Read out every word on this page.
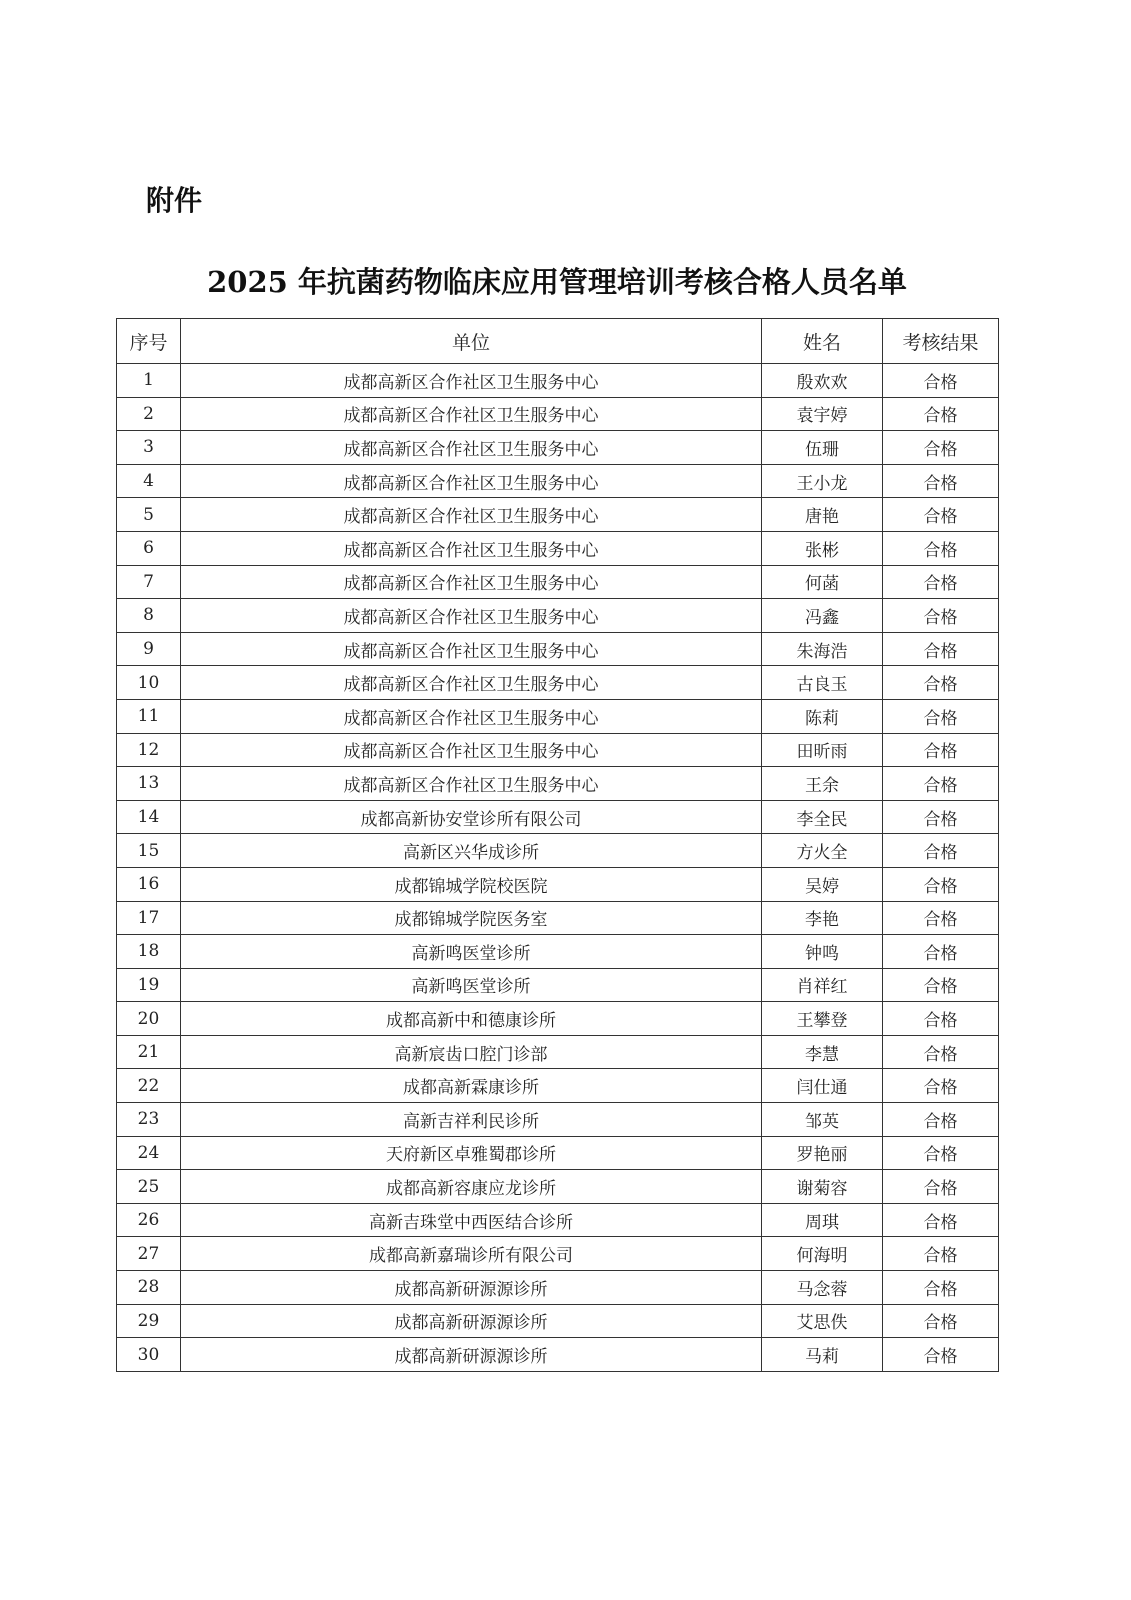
附件
2025 年抗菌药物临床应用管理培训考核合格人员名单
序号	单位	姓名	考核结果
1	成都高新区合作社区卫生服务中心	殷欢欢	合格
2	成都高新区合作社区卫生服务中心	袁宇婷	合格
3	成都高新区合作社区卫生服务中心	伍珊	合格
4	成都高新区合作社区卫生服务中心	王小龙	合格
5	成都高新区合作社区卫生服务中心	唐艳	合格
6	成都高新区合作社区卫生服务中心	张彬	合格
7	成都高新区合作社区卫生服务中心	何菡	合格
8	成都高新区合作社区卫生服务中心	冯鑫	合格
9	成都高新区合作社区卫生服务中心	朱海浩	合格
10	成都高新区合作社区卫生服务中心	古良玉	合格
11	成都高新区合作社区卫生服务中心	陈莉	合格
12	成都高新区合作社区卫生服务中心	田昕雨	合格
13	成都高新区合作社区卫生服务中心	王余	合格
14	成都高新协安堂诊所有限公司	李全民	合格
15	高新区兴华成诊所	方火全	合格
16	成都锦城学院校医院	吴婷	合格
17	成都锦城学院医务室	李艳	合格
18	高新鸣医堂诊所	钟鸣	合格
19	高新鸣医堂诊所	肖祥红	合格
20	成都高新中和德康诊所	王攀登	合格
21	高新宸齿口腔门诊部	李慧	合格
22	成都高新霖康诊所	闫仕通	合格
23	高新吉祥利民诊所	邹英	合格
24	天府新区卓雅蜀郡诊所	罗艳丽	合格
25	成都高新容康应龙诊所	谢菊容	合格
26	高新吉珠堂中西医结合诊所	周琪	合格
27	成都高新嘉瑞诊所有限公司	何海明	合格
28	成都高新研源源诊所	马念蓉	合格
29	成都高新研源源诊所	艾思佚	合格
30	成都高新研源源诊所	马莉	合格
